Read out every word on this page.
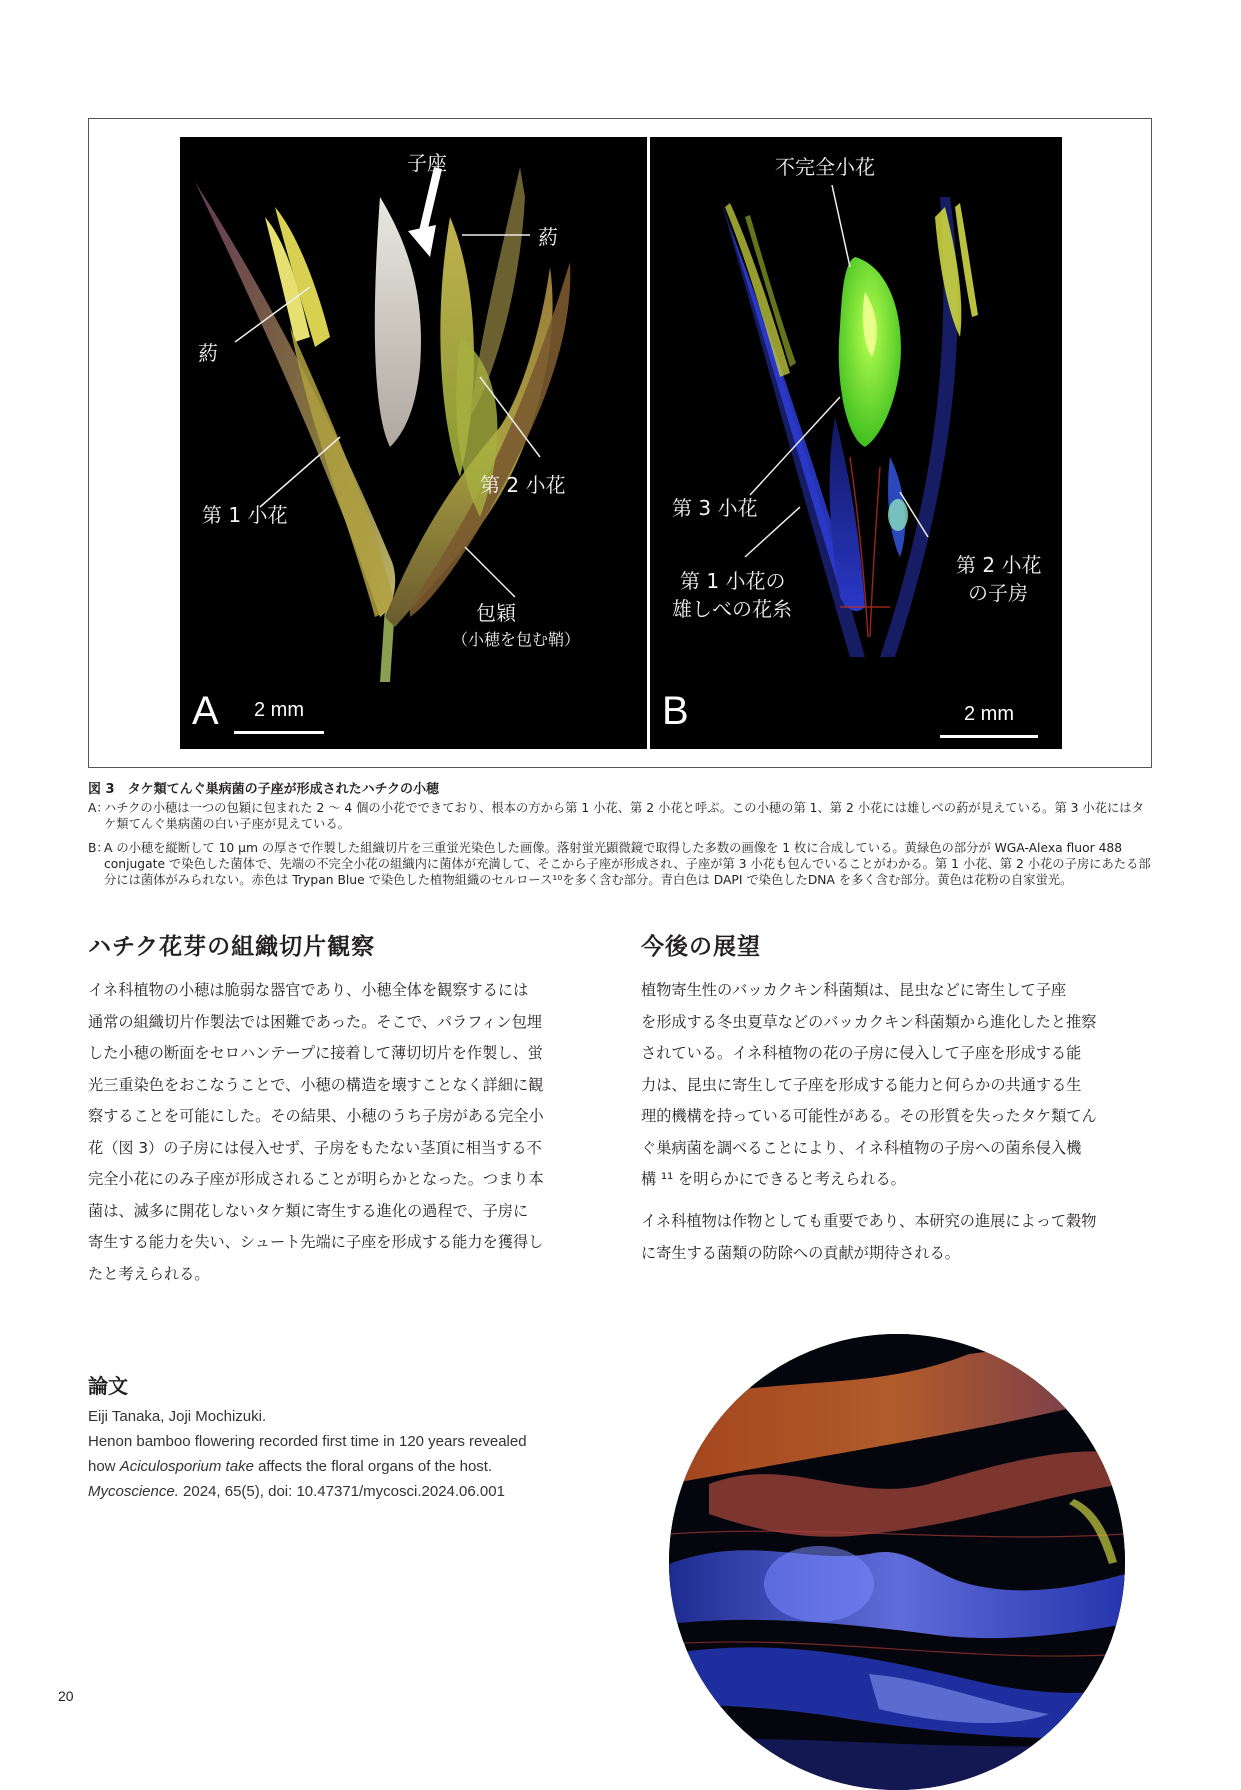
子座
葯
葯
第 1 小花
第 2 小花
包穎
（小穂を包む鞘）
A 2 mm
不完全小花
第 3 小花
第 1 小花の
雄しべの花糸
第 2 小花
の子房
B	2 mm
図 3　タケ類てんぐ巣病菌の子座が形成されたハチクの小穂
A：
ハチクの小穂は一つの包穎に包まれた 2 ～ 4 個の小花でできており、根本の方から第 1 小花、第 2 小花と呼ぶ。この小穂の第 1、第 2 小花には雄しべの葯が見えている。第 3 小花にはタケ類てんぐ巣病菌の白い子座が見えている。
B：
A の小穂を縦断して 10 µm の厚さで作製した組織切片を三重蛍光染色した画像。落射蛍光顕微鏡で取得した多数の画像を 1 枚に合成している。黄緑色の部分が WGA-Alexa fluor 488 conjugate で染色した菌体で、先端の不完全小花の組織内に菌体が充満して、そこから子座が形成され、子座が第 3 小花も包んでいることがわかる。第 1 小花、第 2 小花の子房にあたる部分には菌体がみられない。赤色は Trypan Blue で染色した植物組織のセルロース¹⁰を多く含む部分。青白色は DAPI で染色したDNA を多く含む部分。黄色は花粉の自家蛍光。
ハチク花芽の組織切片観察
イネ科植物の小穂は脆弱な器官であり、小穂全体を観察するには
通常の組織切片作製法では困難であった。そこで、パラフィン包埋
した小穂の断面をセロハンテープに接着して薄切切片を作製し、蛍
光三重染色をおこなうことで、小穂の構造を壊すことなく詳細に観
察することを可能にした。その結果、小穂のうち子房がある完全小
花（図 3）の子房には侵入せず、子房をもたない茎頂に相当する不
完全小花にのみ子座が形成されることが明らかとなった。つまり本
菌は、滅多に開花しないタケ類に寄生する進化の過程で、子房に
寄生する能力を失い、シュート先端に子座を形成する能力を獲得し
たと考えられる。
今後の展望
植物寄生性のバッカクキン科菌類は、昆虫などに寄生して子座
を形成する冬虫夏草などのバッカクキン科菌類から進化したと推察
されている。イネ科植物の花の子房に侵入して子座を形成する能
力は、昆虫に寄生して子座を形成する能力と何らかの共通する生
理的機構を持っている可能性がある。その形質を失ったタケ類てん
ぐ巣病菌を調べることにより、イネ科植物の子房への菌糸侵入機
構 ¹¹ を明らかにできると考えられる。
イネ科植物は作物としても重要であり、本研究の進展によって穀物
に寄生する菌類の防除への貢献が期待される。
論文
Eiji Tanaka, Joji Mochizuki.
Henon bamboo flowering recorded first time in 120 years revealed
how Aciculosporium take affects the floral organs of the host.
Mycoscience. 2024, 65(5), doi: 10.47371/mycosci.2024.06.001
20
